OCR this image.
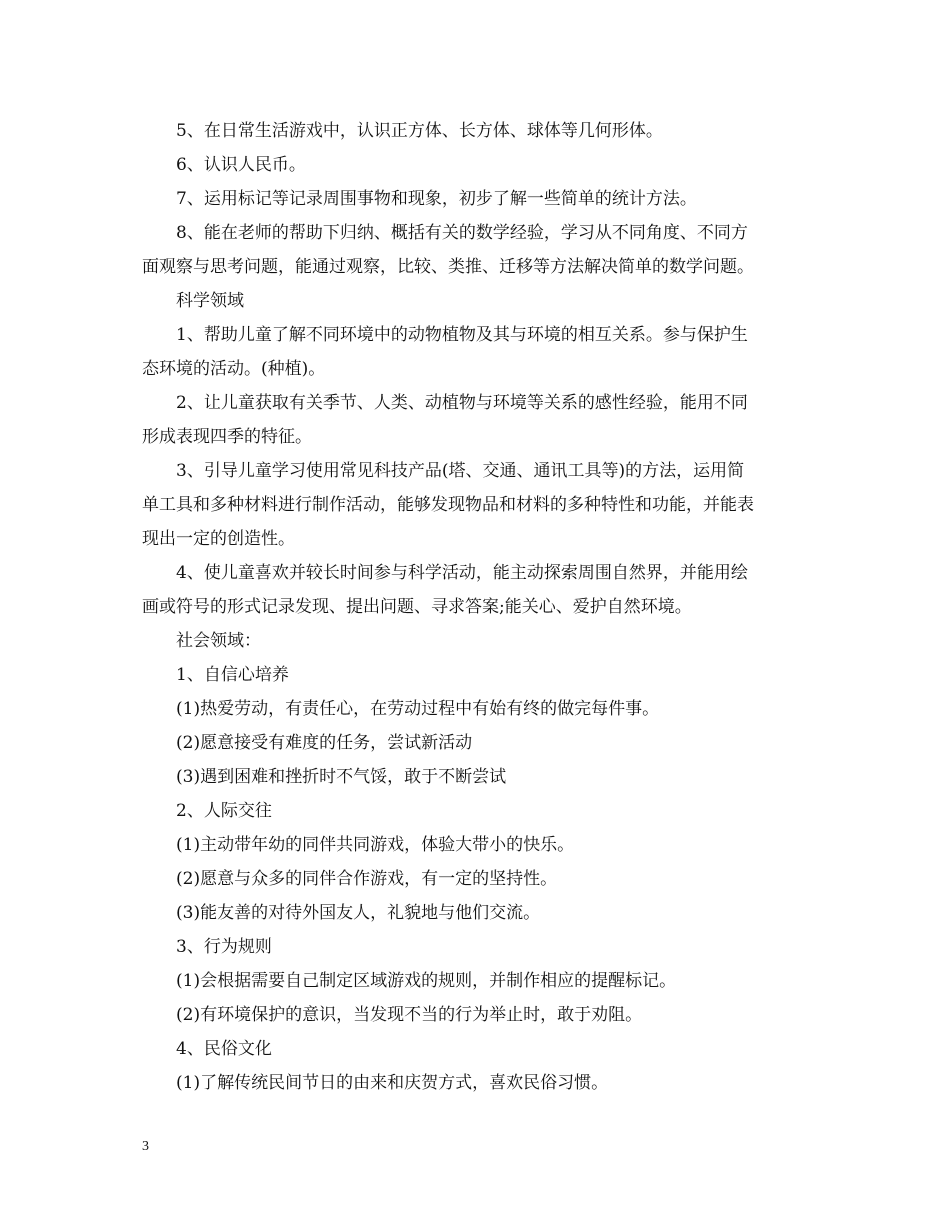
5、在日常生活游戏中，认识正方体、长方体、球体等几何形体。
6、认识人民币。
7、运用标记等记录周围事物和现象，初步了解一些简单的统计方法。
8、能在老师的帮助下归纳、概括有关的数学经验，学习从不同角度、不同方
面观察与思考问题，能通过观察，比较、类推、迁移等方法解决简单的数学问题。
科学领域
1、帮助儿童了解不同环境中的动物植物及其与环境的相互关系。参与保护生
态环境的活动。(种植)。
2、让儿童获取有关季节、人类、动植物与环境等关系的感性经验，能用不同
形成表现四季的特征。
3、引导儿童学习使用常见科技产品(塔、交通、通讯工具等)的方法，运用简
单工具和多种材料进行制作活动，能够发现物品和材料的多种特性和功能，并能表
现出一定的创造性。
4、使儿童喜欢并较长时间参与科学活动，能主动探索周围自然界，并能用绘
画或符号的形式记录发现、提出问题、寻求答案;能关心、爱护自然环境。
社会领域：
1、自信心培养
(1)热爱劳动，有责任心，在劳动过程中有始有终的做完每件事。
(2)愿意接受有难度的任务，尝试新活动
(3)遇到困难和挫折时不气馁，敢于不断尝试
2、人际交往
(1)主动带年幼的同伴共同游戏，体验大带小的快乐。
(2)愿意与众多的同伴合作游戏，有一定的坚持性。
(3)能友善的对待外国友人，礼貌地与他们交流。
3、行为规则
(1)会根据需要自己制定区域游戏的规则，并制作相应的提醒标记。
(2)有环境保护的意识，当发现不当的行为举止时，敢于劝阻。
4、民俗文化
(1)了解传统民间节日的由来和庆贺方式，喜欢民俗习惯。
3
